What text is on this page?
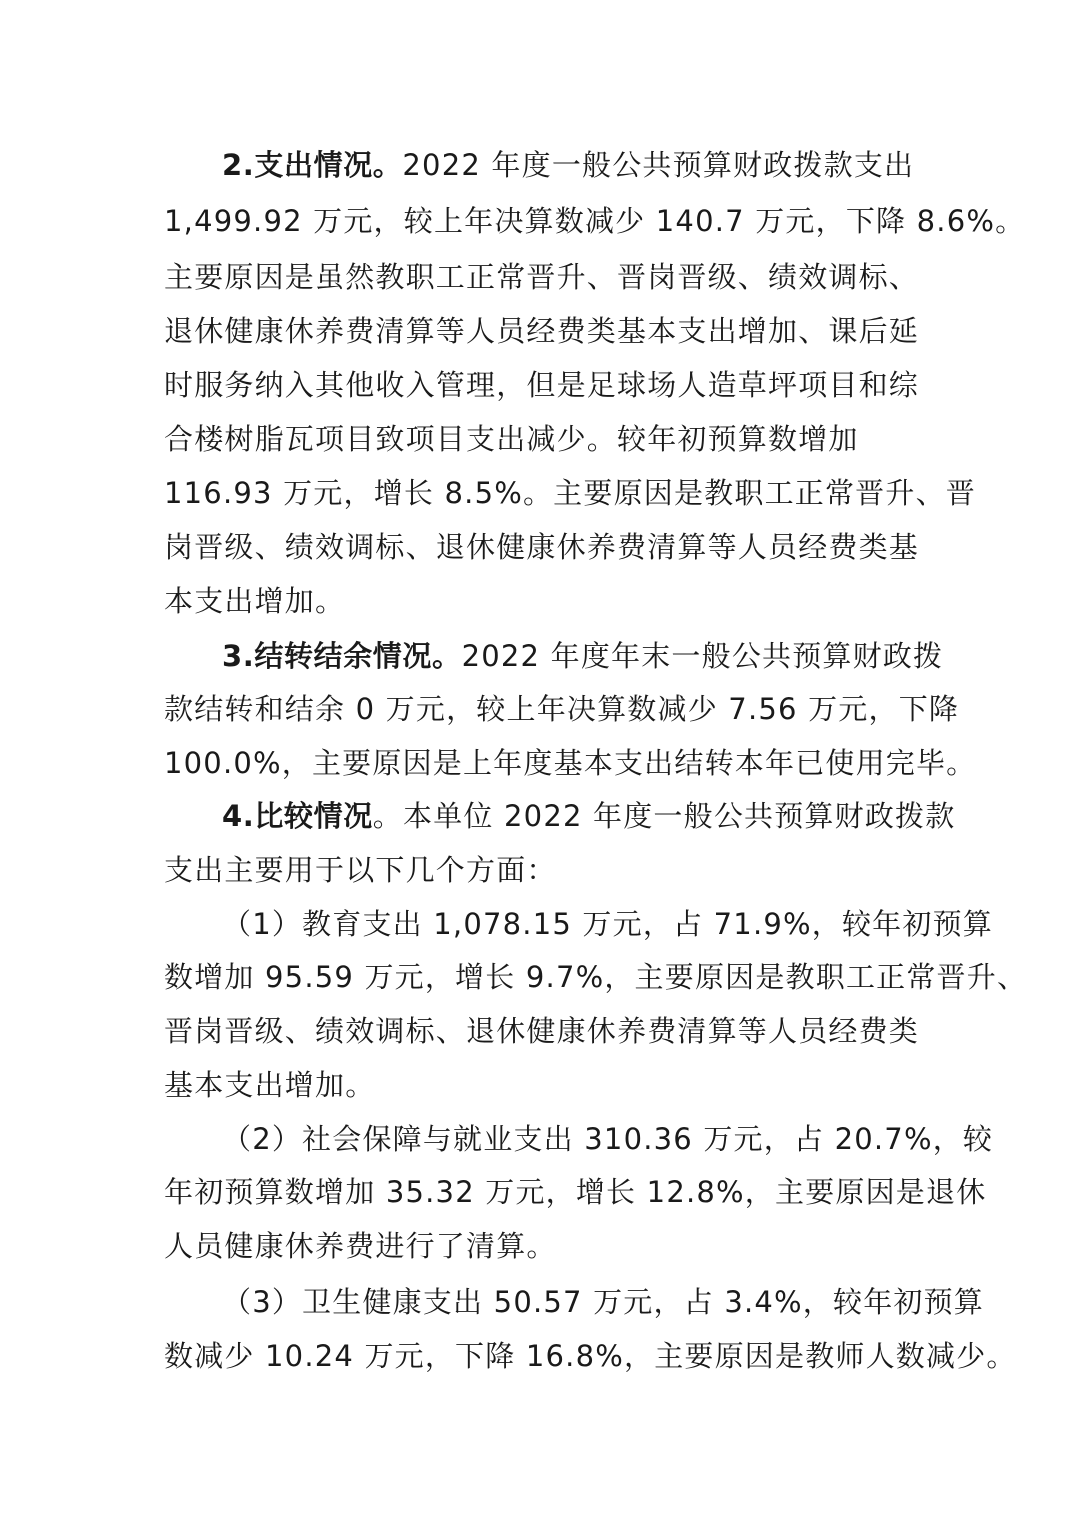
2.支出情况。2022 年度一般公共预算财政拨款支出
1,499.92 万元，较上年决算数减少 140.7 万元，下降 8.6%。
主要原因是虽然教职工正常晋升、晋岗晋级、绩效调标、
退休健康休养费清算等人员经费类基本支出增加、课后延
时服务纳入其他收入管理，但是足球场人造草坪项目和综
合楼树脂瓦项目致项目支出减少。较年初预算数增加
116.93 万元，增长 8.5%。主要原因是教职工正常晋升、晋
岗晋级、绩效调标、退休健康休养费清算等人员经费类基
本支出增加。
3.结转结余情况。2022 年度年末一般公共预算财政拨
款结转和结余 0 万元，较上年决算数减少 7.56 万元，下降
100.0%，主要原因是上年度基本支出结转本年已使用完毕。
4.比较情况。本单位 2022 年度一般公共预算财政拨款
支出主要用于以下几个方面：
（1）教育支出 1,078.15 万元，占 71.9%，较年初预算
数增加 95.59 万元，增长 9.7%，主要原因是教职工正常晋升、
晋岗晋级、绩效调标、退休健康休养费清算等人员经费类
基本支出增加。
（2）社会保障与就业支出 310.36 万元，占 20.7%，较
年初预算数增加 35.32 万元，增长 12.8%，主要原因是退休
人员健康休养费进行了清算。
（3）卫生健康支出 50.57 万元，占 3.4%，较年初预算
数减少 10.24 万元，下降 16.8%，主要原因是教师人数减少。
